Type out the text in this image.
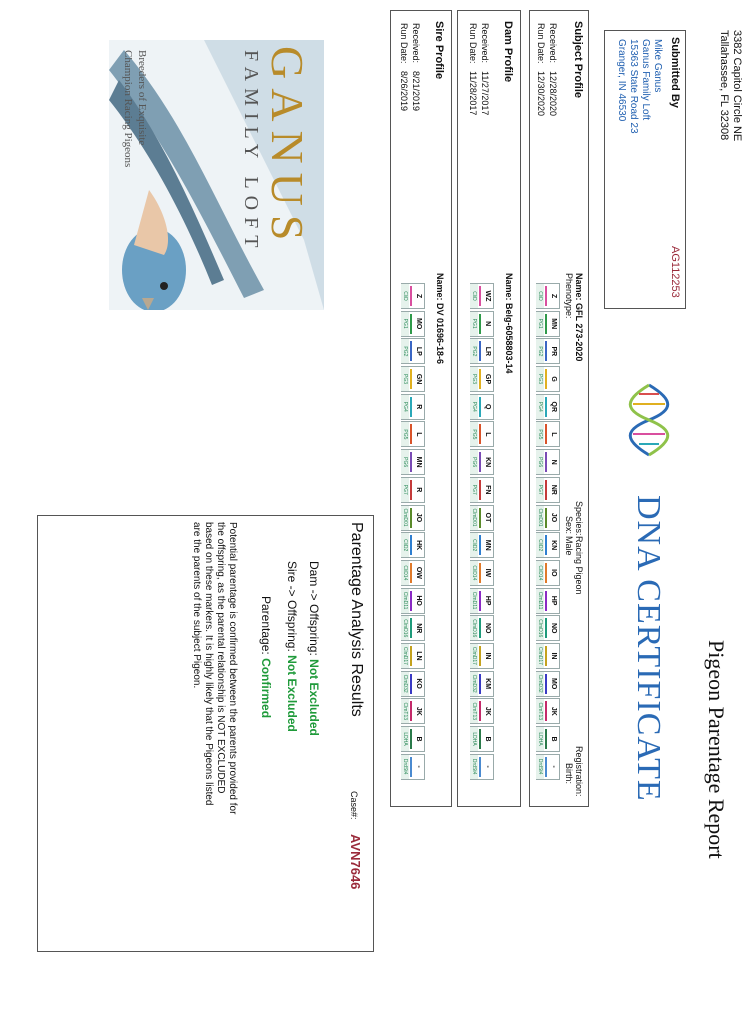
3382 Capitol Circle NE
Tallahassee, FL 32308
Pigeon Parentage Report
DNA CERTIFICATE
Submitted By
Mike Ganus
Ganus Family Loft
15363 State Road 23
Granger, IN 46530
AG112253
Subject Profile
Received:
12/28/2020
Run Date:
12/30/2020
Name:
GFL 273-2020
Phenotype:
Species:
Racing Pigeon
Sex:
Male
Registration:
Birth:
Z
CliD
MN
PG1
PR
PG2
G
PG3
QR
PG4
L
PG5
N
PG6
NR
PG7
JO
ClmD01
KN
CliD2
IO
CliD14
HP
ClmD11
NO
ClmD16
IN
ClmD17
MO
ClmD32
JK
ClmT13
B
LDHA
-
DrdSt4
Dam Profile
Received:
11/27/2017
Run Date:
11/28/2017
Name:
Belg-6058803-14
WZ
CliD
N
PG1
LR
PG2
GP
PG3
Q
PG4
L
PG5
KN
PG6
FN
PG7
OT
ClmD01
MN
CliD2
IW
CliD14
HP
ClmD11
NO
ClmD16
IN
ClmD17
KM
ClmD32
JK
ClmT13
B
LDHA
-
DrdSt4
Sire Profile
Received:
8/21/2019
Run Date:
8/26/2019
Name:
DV 01696-18-6
Z
CliD
MO
PG1
LP
PG2
GN
PG3
R
PG4
L
PG5
MN
PG6
R
PG7
JO
ClmD01
HK
CliD2
OW
CliD14
HO
ClmD11
NR
ClmD16
LN
ClmD17
KO
ClmD32
JK
ClmT13
B
LDHA
-
DrdSt4
Parentage Analysis Results
Case#:
AVN7646
Dam -> Offspring: Not Excluded
Sire -> Offspring: Not Excluded
Parentage: Confirmed
Potential parentage is confirmed between the parents provided for the offspring, as the parental relationship is NOT EXCLUDED based on these markers. It is highly likely that the Pigeons listed are the parents of the subject Pigeon.
GANUS
FAMILY LOFT
Breeders of Exquisite
Champion Racing Pigeons
